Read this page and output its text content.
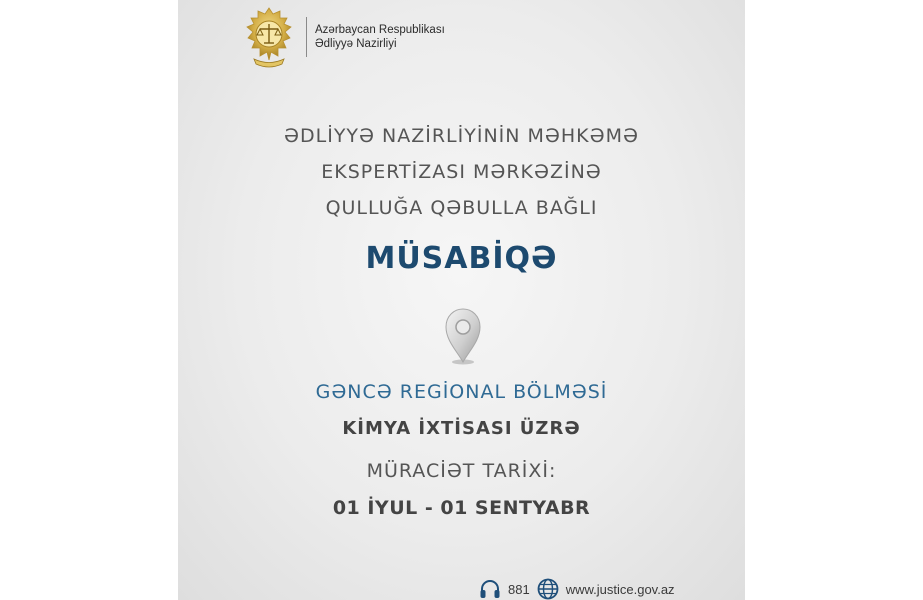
Azərbaycan Respublikası
Ədliyyə Nazirliyi
ƏDLİYYƏ NAZİRLİYİNİN MƏHKƏMƏ
EKSPERTİZASI MƏRKƏZİNƏ
QULLUĞA QƏBULLA BAĞLI
MÜSABİQƏ
GƏNCƏ REGİONAL BÖLMƏSİ
KİMYA İXTİSASI ÜZRƏ
MÜRACİƏT TARİXİ:
01 İYUL - 01 SENTYABR
881	www.justice.gov.az
